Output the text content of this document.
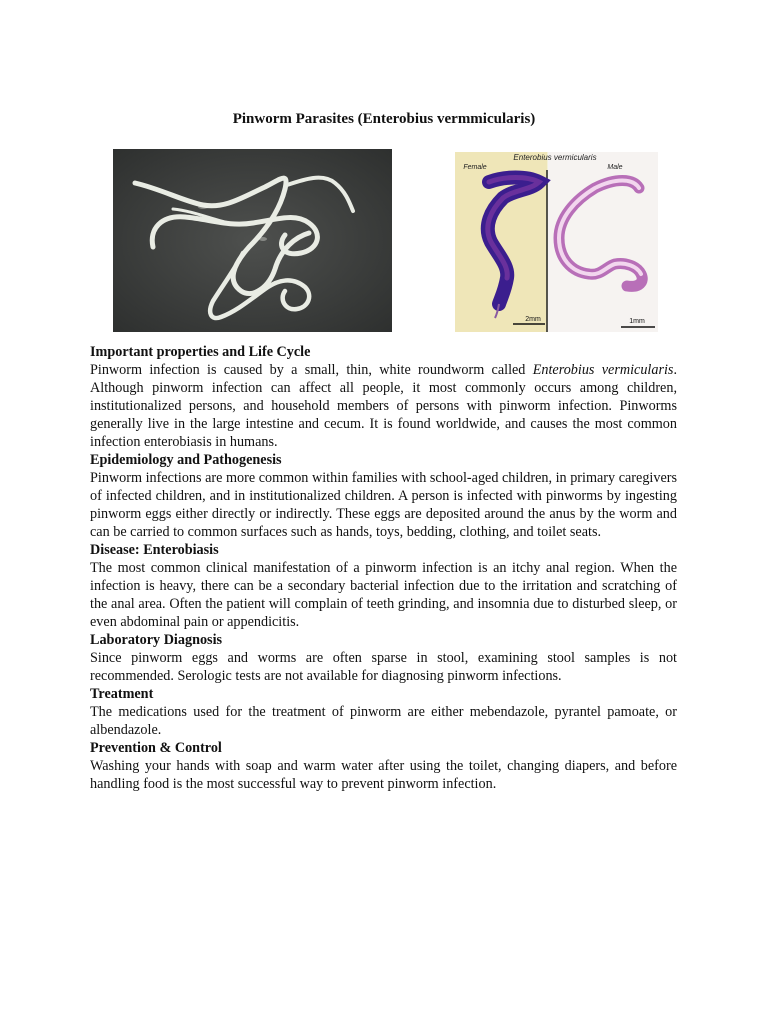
Pinworm Parasites (Enterobius vermmicularis)
Enterobius vermicularis
Female	Male
2mm	1mm
Important properties and Life Cycle

Pinworm infection is caused by a small, thin, white roundworm called Enterobius vermicularis. Although pinworm infection can affect all people, it most commonly occurs among children, institutionalized persons, and household members of persons with pinworm infection. Pinworms generally live in the large intestine and cecum. It is found worldwide, and causes the most common infection enterobiasis in humans.

Epidemiology and Pathogenesis

Pinworm infections are more common within families with school-aged children, in primary caregivers of infected children, and in institutionalized children. A person is infected with pinworms by ingesting pinworm eggs either directly or indirectly. These eggs are deposited around the anus by the worm and can be carried to common surfaces such as hands, toys, bedding, clothing, and toilet seats.

Disease: Enterobiasis

The most common clinical manifestation of a pinworm infection is an itchy anal region. When the infection is heavy, there can be a secondary bacterial infection due to the irritation and scratching of the anal area. Often the patient will complain of teeth grinding, and insomnia due to disturbed sleep, or even abdominal pain or appendicitis.

Laboratory Diagnosis

Since pinworm eggs and worms are often sparse in stool, examining stool samples is not recommended. Serologic tests are not available for diagnosing pinworm infections.

Treatment

The medications used for the treatment of pinworm are either mebendazole, pyrantel pamoate, or albendazole.

Prevention & Control

Washing your hands with soap and warm water after using the toilet, changing diapers, and before handling food is the most successful way to prevent pinworm infection.
